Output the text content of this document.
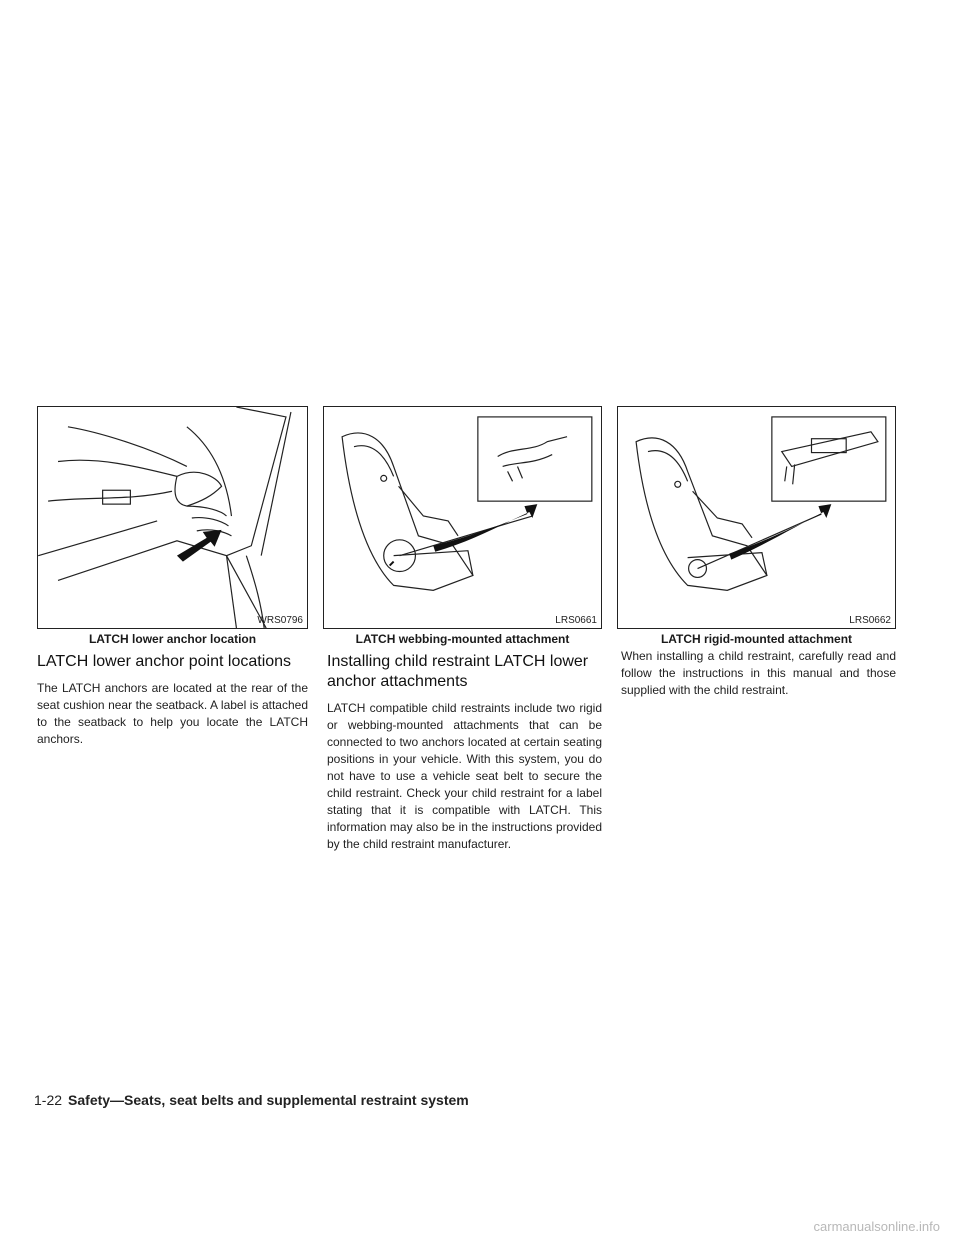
WRS0796
LATCH lower anchor location
LRS0661
LATCH webbing-mounted attachment
LRS0662
LATCH rigid-mounted attachment
LATCH lower anchor point locations

The LATCH anchors are located at the rear of the seat cushion near the seatback. A label is attached to the seatback to help you locate the LATCH anchors.

Installing child restraint LATCH lower anchor attachments

LATCH compatible child restraints include two rigid or webbing-mounted attachments that can be connected to two anchors located at certain seating positions in your vehicle. With this system, you do not have to use a vehicle seat belt to secure the child restraint. Check your child restraint for a label stating that it is compatible with LATCH. This information may also be in the instructions provided by the child restraint manufacturer.

When installing a child restraint, carefully read and follow the instructions in this manual and those supplied with the child restraint.

1-22 Safety—Seats, seat belts and supplemental restraint system
carmanualsonline.info
